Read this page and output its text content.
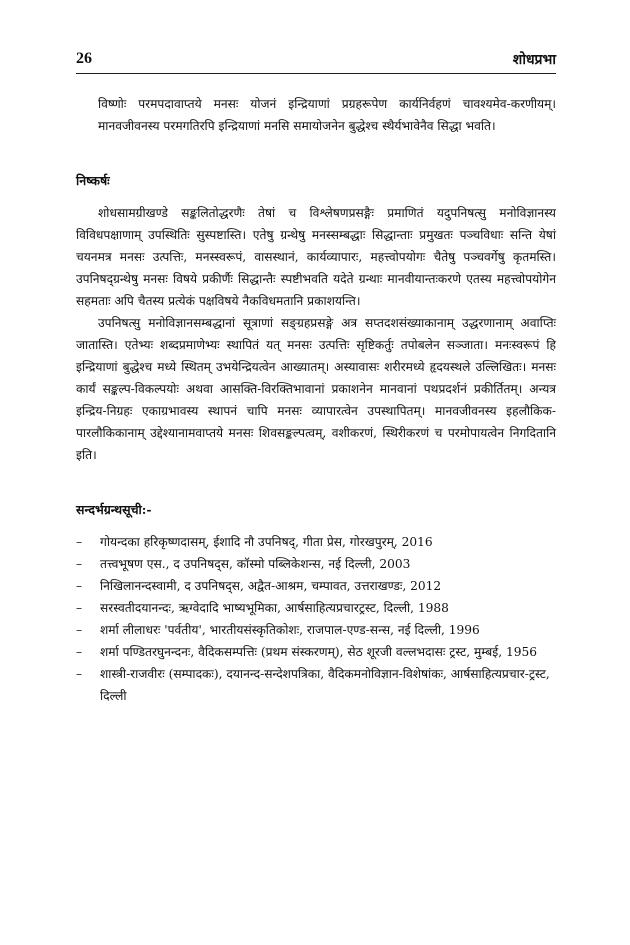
26	शोधप्रभा

विष्णोः परमपदावाप्तये मनसः योजनं इन्द्रियाणां प्रग्रहरूपेण कार्यनिर्वहणं चावश्यमेव-करणीयम्। मानवजीवनस्य परमगतिरपि इन्द्रियाणां मनसि समायोजनेन बुद्धेश्च स्थैर्यभावेनैव सिद्धा भवति।

निष्कर्षः

शोधसामग्रीखण्डे सङ्कलितोद्धरणैः तेषां च विश्लेषणप्रसङ्गैः प्रमाणितं यदुपनिषत्सु मनोविज्ञानस्य विविधपक्षाणाम् उपस्थितिः सुस्पष्टास्ति। एतेषु ग्रन्थेषु मनस्सम्बद्धाः सिद्धान्ताः प्रमुखतः पञ्चविधाः सन्ति येषां चयनमत्र मनसः उत्पत्तिः, मनस्स्वरूपं, वासस्थानं, कार्यव्यापारः, महत्त्वोपयोगः चैतेषु पञ्चवर्गेषु कृतमस्ति। उपनिषद्ग्रन्थेषु मनसः विषये प्रकीर्णैः सिद्धान्तैः स्पष्टीभवति यदेते ग्रन्थाः मानवीयान्तःकरणे एतस्य महत्त्वोपयोगेन सहमताः अपि चैतस्य प्रत्येकं पक्षविषये नैकविधमतानि प्रकाशयन्ति।

उपनिषत्सु मनोविज्ञानसम्बद्धानां सूत्राणां सङ्ग्रहप्रसङ्गे अत्र सप्तदशसंख्याकानाम् उद्धरणानाम् अवाप्तिः जातास्ति। एतेभ्यः शब्दप्रमाणेभ्यः स्थापितं यत् मनसः उत्पत्तिः सृष्टिकर्तुः तपोबलेन सञ्जाता। मनःस्वरूपं हि इन्द्रियाणां बुद्धेश्च मध्ये स्थितम् उभयेन्द्रियत्वेन आख्यातम्। अस्यावासः शरीरमध्ये हृदयस्थले उल्लिखितः। मनसः कार्यं सङ्कल्प-विकल्पयोः अथवा आसक्ति-विरक्तिभावानां प्रकाशनेन मानवानां पथप्रदर्शनं प्रकीर्तितम्। अन्यत्र इन्द्रिय-निग्रहः एकाग्रभावस्य स्थापनं चापि मनसः व्यापारत्वेन उपस्थापितम्। मानवजीवनस्य इहलौकिक-पारलौकिकानाम् उद्देश्यानामवाप्तये मनसः शिवसङ्कल्पत्वम्, वशीकरणं, स्थिरीकरणं च परमोपायत्वेन निगदितानि इति।

सन्दर्भग्रन्थसूची:-
– गोयन्दका हरिकृष्णदासम्, ईशादि नौ उपनिषद्, गीता प्रेस, गोरखपुरम्, 2016
– तत्त्वभूषण एस., द उपनिषद्स, कॉस्मो पब्लिकेशन्स, नई दिल्ली, 2003
– निखिलानन्दस्वामी, द उपनिषद्स, अद्वैत-आश्रम, चम्पावत, उत्तराखण्डः, 2012
– सरस्वतीदयानन्दः, ऋग्वेदादि भाष्यभूमिका, आर्षसाहित्यप्रचारट्रस्ट, दिल्ली, 1988
– शर्मा लीलाधरः 'पर्वतीय', भारतीयसंस्कृतिकोशः, राजपाल-एण्ड-सन्स, नई दिल्ली, 1996
– शर्मा पण्डितरघुनन्दनः, वैदिकसम्पत्तिः (प्रथम संस्करणम्), सेठ शूरजी वल्लभदासः ट्रस्ट, मुम्बई, 1956
– शास्त्री-राजवीरः (सम्पादकः), दयानन्द-सन्देशपत्रिका, वैदिकमनोविज्ञान-विशेषांकः, आर्षसाहित्यप्रचार-ट्रस्ट, दिल्ली
